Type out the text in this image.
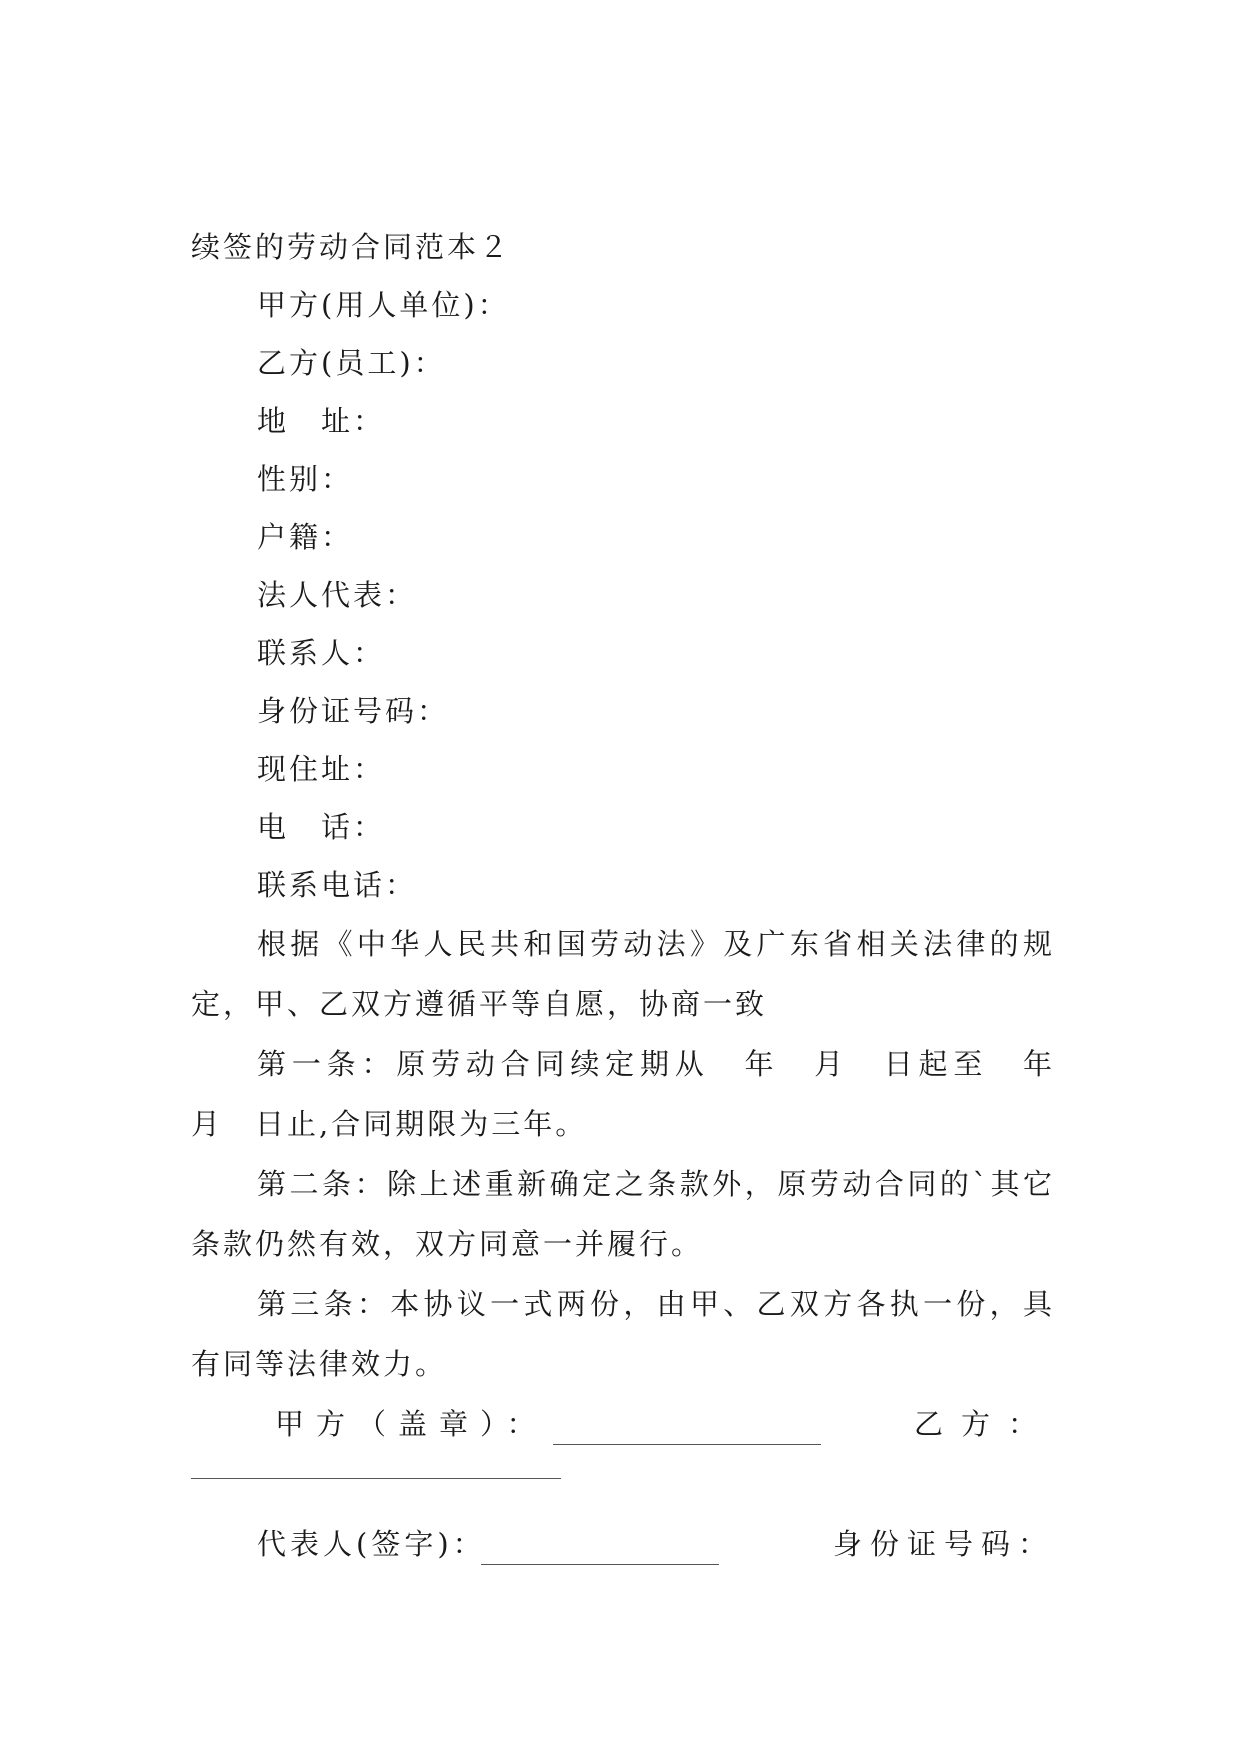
续签的劳动合同范本２

甲方(用人单位)：

乙方(员工)：

地　址：

性别：

户籍：

法人代表：

联系人：

身份证号码：

现住址：

电　话：

联系电话：

根据《中华人民共和国劳动法》及广东省相关法律的规定，甲、乙双方遵循平等自愿，协商一致

第一条：原劳动合同续定期从　年　月　日起至　年　月　日止,合同期限为三年。

第二条：除上述重新确定之条款外，原劳动合同的`其它条款仍然有效，双方同意一并履行。

第三条：本协议一式两份，由甲、乙双方各执一份，具有同等法律效力。

甲方（盖章）：	乙方：
代表人(签字)：	身份证号码：
